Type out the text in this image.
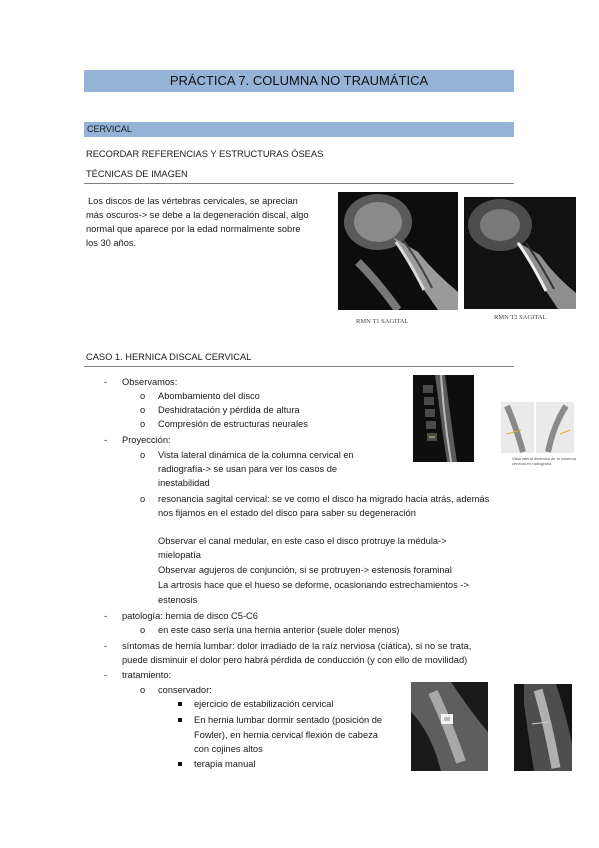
PRÁCTICA 7. COLUMNA NO TRAUMÁTICA
CERVICAL
RECORDAR REFERENCIAS Y ESTRUCTURAS ÓSEAS
TÉCNICAS DE IMAGEN
Los discos de las vértebras cervicales, se aprecian
más oscuros-> se debe a la degeneración discal, algo
normal que aparece por la edad normalmente sobre
los 30 años.
RMN T1 SAGITAL
RMN T2 SAGITAL
CASO 1. HERNICA DISCAL CERVICAL
- Observamos:
o Abombamiento del disco
o Deshidratación y pérdida de altura
o Compresión de estructuras neurales
- Proyección:
o Vista lateral dinámica de la columna cervical en
radiografía-> se usan para ver los casos de
inestabilidad
o resonancia sagital cervical: se ve como el disco ha migrado hacia atrás, además
nos fijamos en el estado del disco para saber su degeneración
Observar el canal medular, en este caso el disco protruye la médula->
mielopatía
Observar agujeros de conjunción, si se protruyen-> estenosis foraminal
La artrosis hace que el hueso se deforme, ocasionando estrechamientos ->
estenosis
- patología: hernia de disco C5-C6
o en este caso sería una hernia anterior (suele doler menos)
- síntomas de hernia lumbar: dolor irradiado de la raíz nerviosa (ciática), si no se trata,
puede disminuir el dolor pero habrá pérdida de conducción (y con ello de movilidad)
- tratamiento:
o conservador:
ejercicio de estabilización cervical
En hernia lumbar dormir sentado (posición de
Fowler), en hernia cervical flexión de cabeza
con cojines altos
terapia manual
Vista lateral dinámica de la columna cervical en radiografía
